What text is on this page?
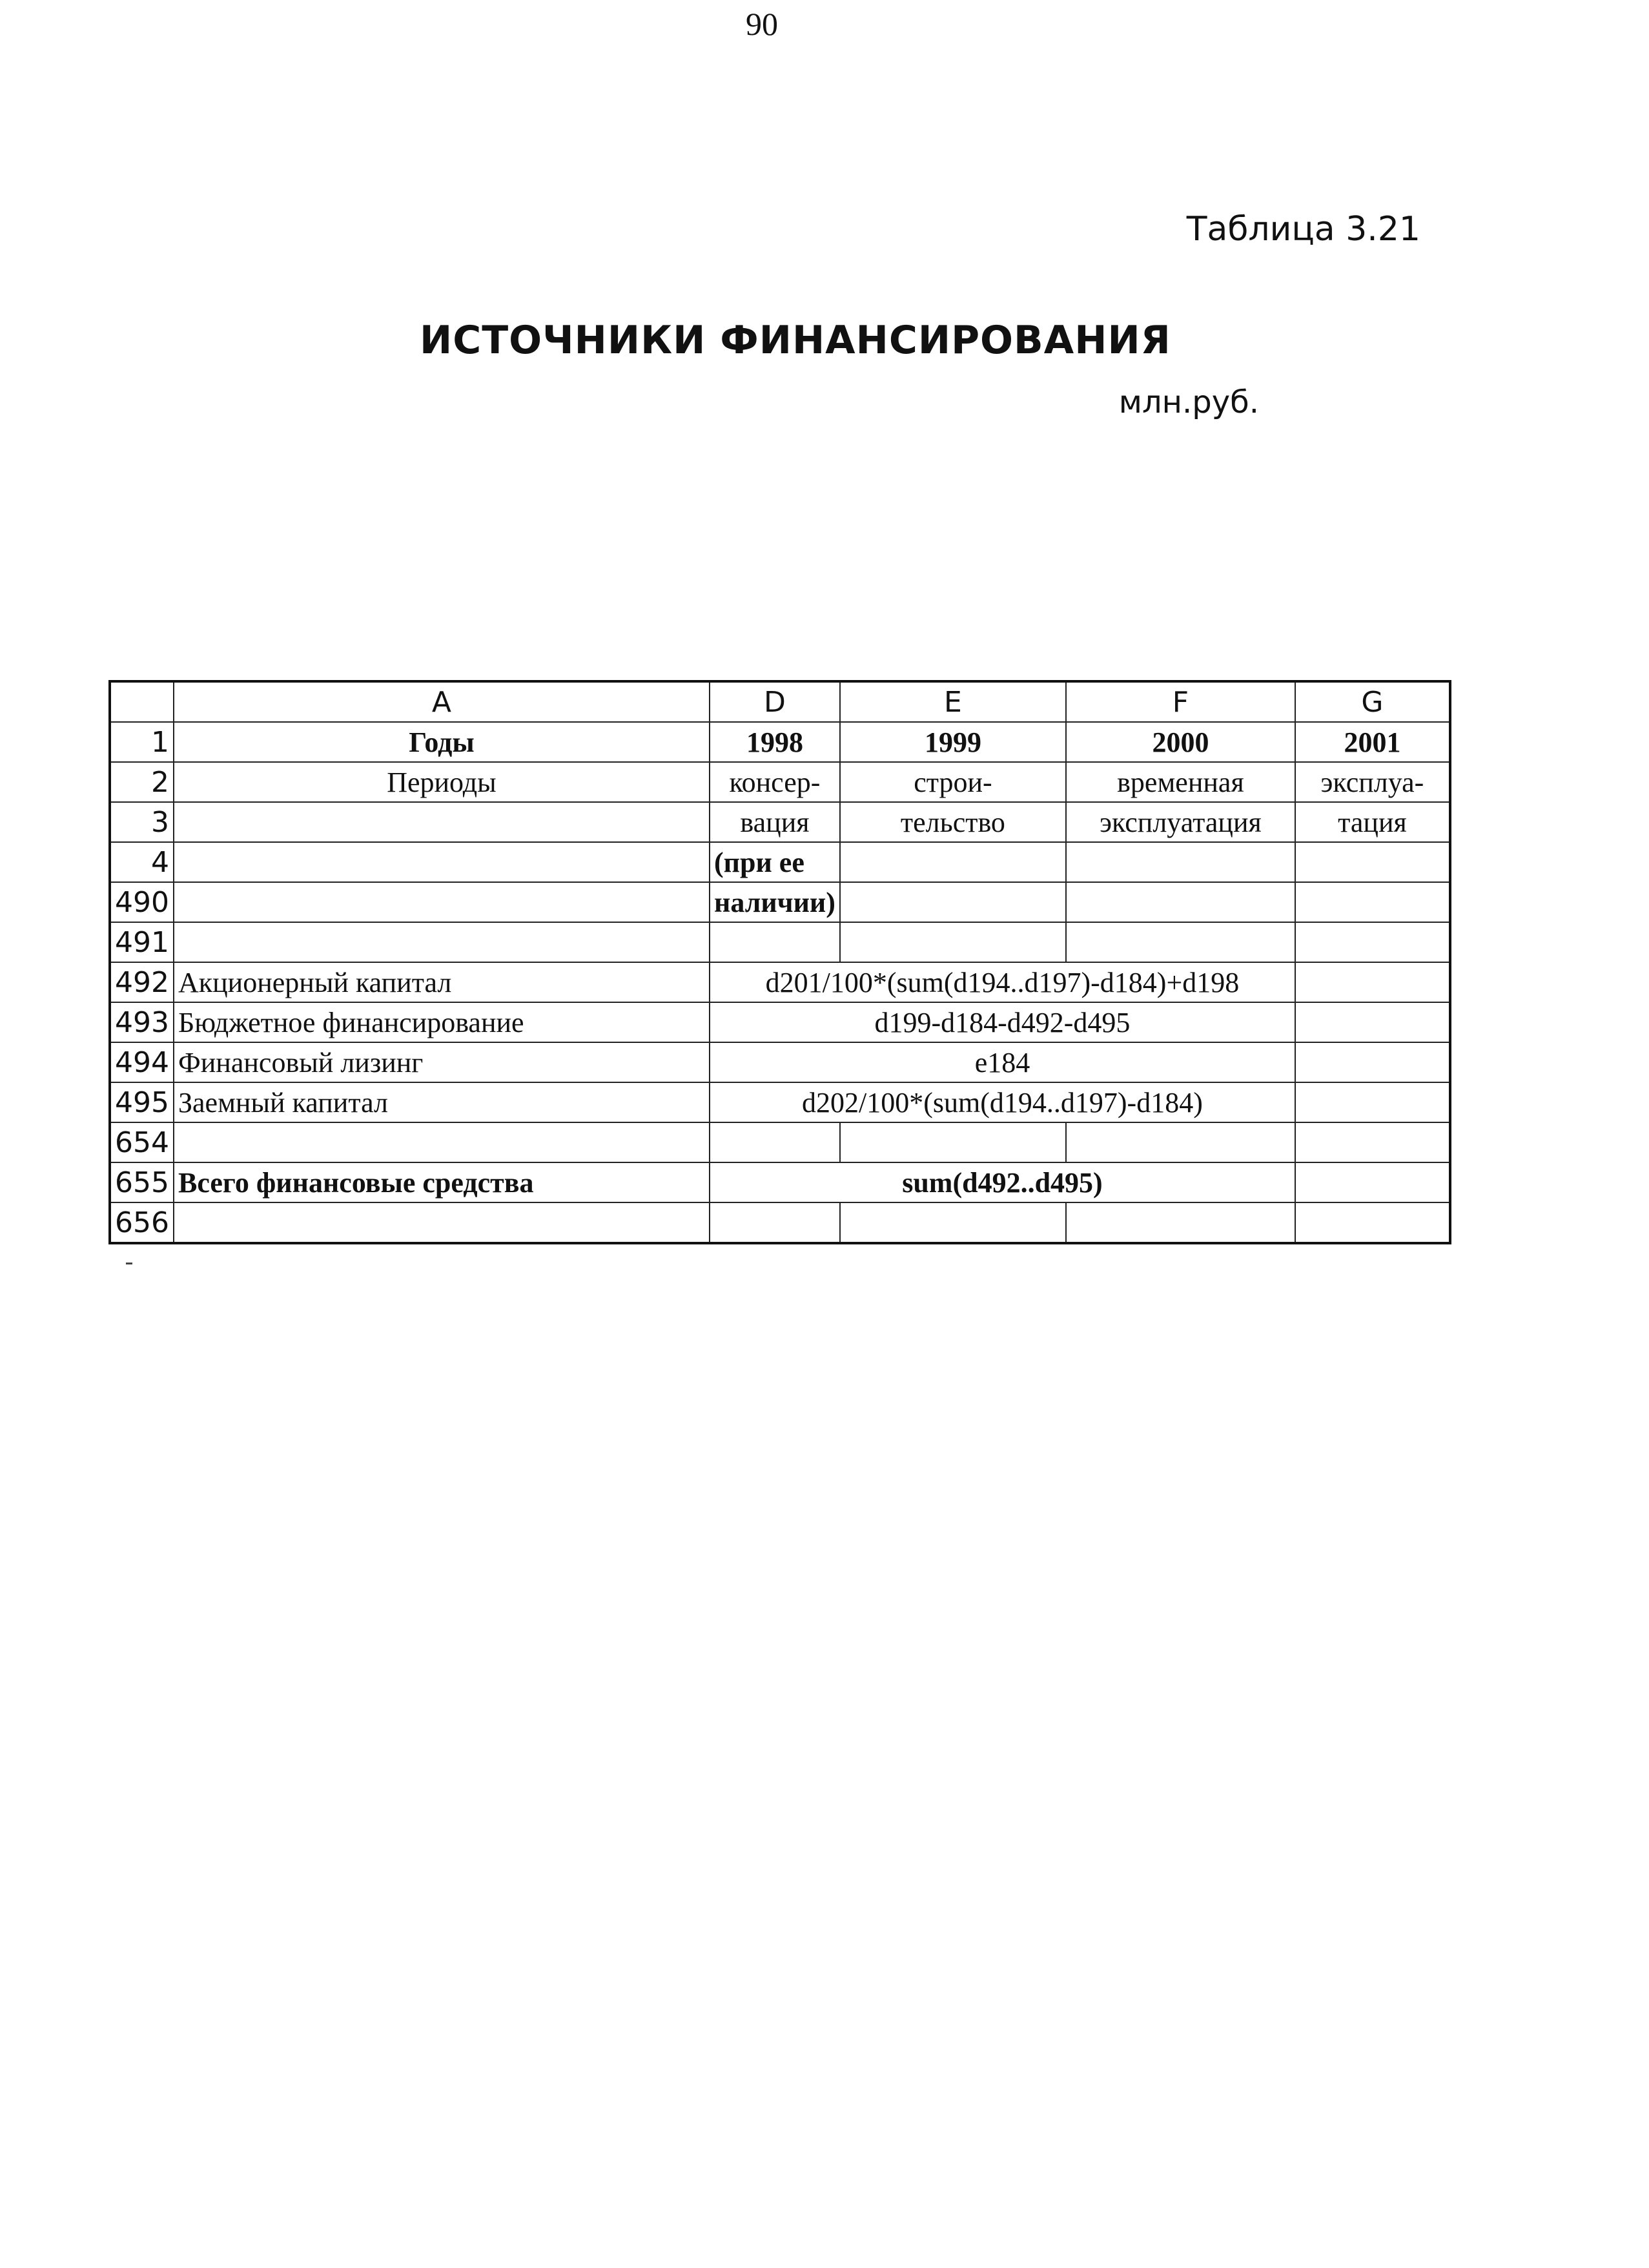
90
Таблица 3.21
ИСТОЧНИКИ ФИНАНСИРОВАНИЯ
млн.руб.
	A	D	E	F	G
1	Годы	1998	1999	2000	2001
2	Периоды	консер-	строи-	временная	эксплуа-
3		вация	тельство	эксплуатация	тация
4		(при ее			
490		наличии)			
491					
492	Акционерный капитал	d201/100*(sum(d194..d197)-d184)+d198			
493	Бюджетное финансирование	d199-d184-d492-d495			
494	Финансовый лизинг	e184			
495	Заемный капитал	d202/100*(sum(d194..d197)-d184)			
654					
655	Всего финансовые средства	sum(d492..d495)			
656					
